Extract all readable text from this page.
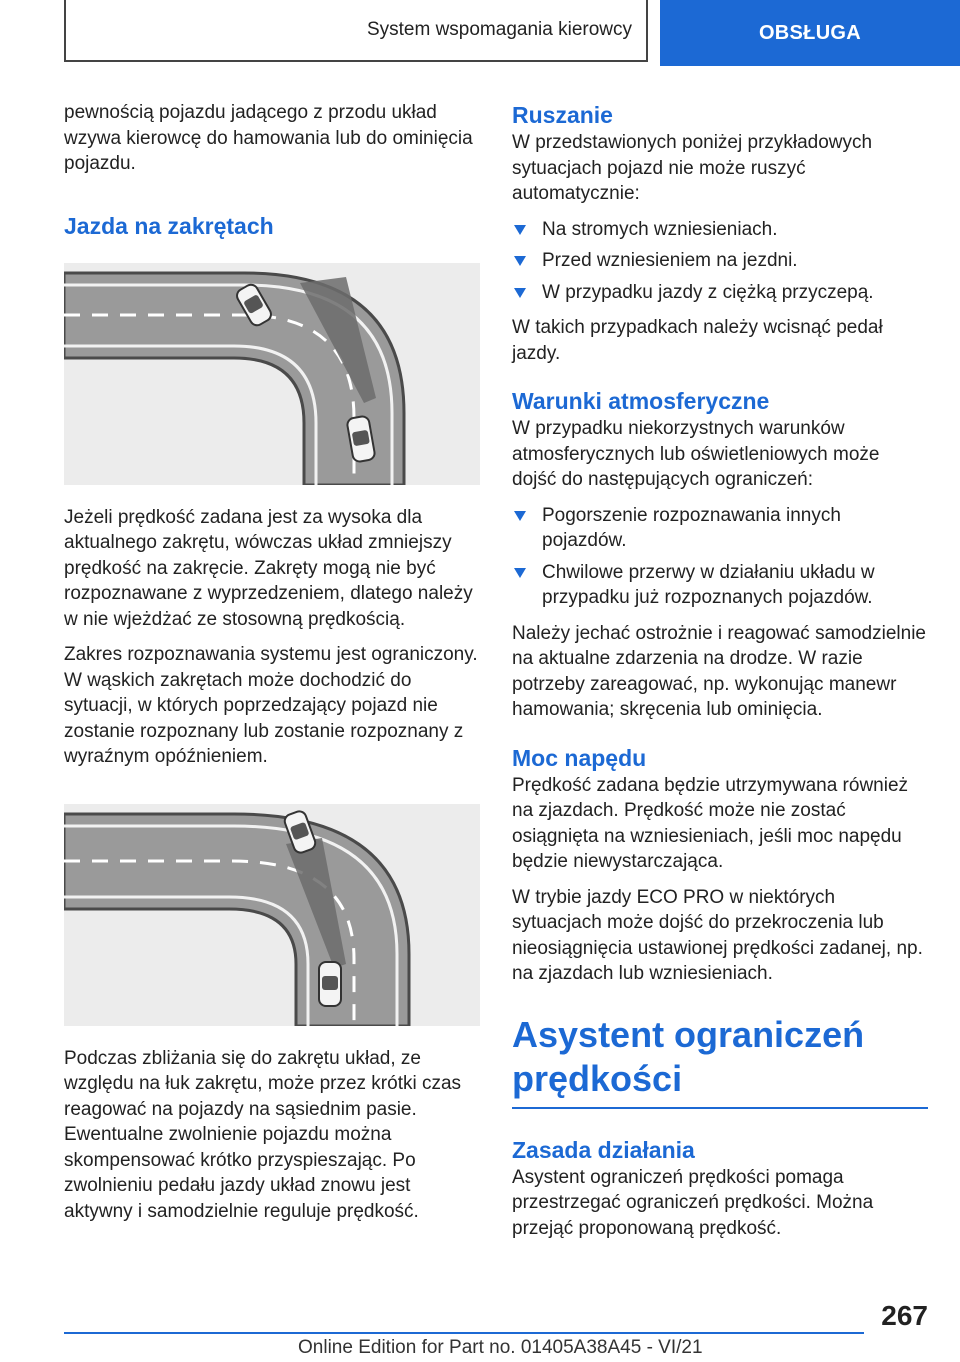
System wspomagania kierowcy	OBSŁUGA

pewnością pojazdu jadącego z przodu układ wzywa kierowcę do hamowania lub do ominięcia pojazdu.

Jazda na zakrętach

Jeżeli prędkość zadana jest za wysoka dla aktualnego zakrętu, wówczas układ zmniejszy prędkość na zakręcie. Zakręty mogą nie być rozpoznawane z wyprzedzeniem, dlatego należy w nie wjeżdżać ze stosowną prędkością.

Zakres rozpoznawania systemu jest ograniczony. W wąskich zakrętach może dochodzić do sytuacji, w których poprzedzający pojazd nie zostanie rozpoznany lub zostanie rozpoznany z wyraźnym opóźnieniem.

Podczas zbliżania się do zakrętu układ, ze względu na łuk zakrętu, może przez krótki czas reagować na pojazdy na sąsiednim pasie. Ewentualne zwolnienie pojazdu można skompensować krótko przyspieszając. Po zwolnieniu pedału jazdy układ znowu jest aktywny i samodzielnie reguluje prędkość.

Ruszanie

W przedstawionych poniżej przykładowych sytuacjach pojazd nie może ruszyć automatycznie:

Na stromych wzniesieniach.
Przed wzniesieniem na jezdni.
W przypadku jazdy z ciężką przyczepą.

W takich przypadkach należy wcisnąć pedał jazdy.

Warunki atmosferyczne

W przypadku niekorzystnych warunków atmosferycznych lub oświetleniowych może dojść do następujących ograniczeń:

Pogorszenie rozpoznawania innych pojazdów.
Chwilowe przerwy w działaniu układu w przypadku już rozpoznanych pojazdów.

Należy jechać ostrożnie i reagować samodzielnie na aktualne zdarzenia na drodze. W razie potrzeby zareagować, np. wykonując manewr hamowania; skręcenia lub ominięcia.

Moc napędu

Prędkość zadana będzie utrzymywana również na zjazdach. Prędkość może nie zostać osiągnięta na wzniesieniach, jeśli moc napędu będzie niewystarczająca.

W trybie jazdy ECO PRO w niektórych sytuacjach może dojść do przekroczenia lub nieosiągnięcia ustawionej prędkości zadanej, np. na zjazdach lub wzniesieniach.

Asystent ograniczeń prędkości
Zasada działania

Asystent ograniczeń prędkości pomaga przestrzegać ograniczeń prędkości. Można przejąć proponowaną prędkość.

267
Online Edition for Part no. 01405A38A45 - VI/21
